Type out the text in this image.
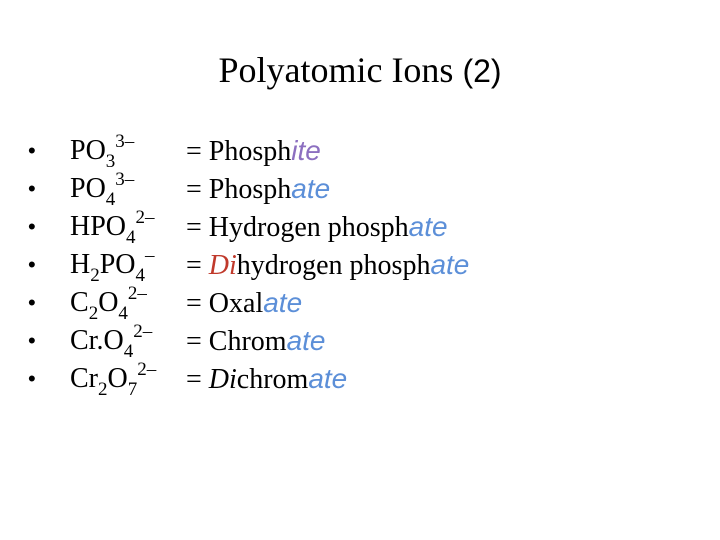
Polyatomic Ions (2)
• $PO_3^{3-}$ = Phosphite
• $PO_4^{3-}$ = Phosphate
• $HPO_4^{2-}$ = Hydrogen phosphate
• $H_2PO_4^-$ = Dihydrogen phosphate
• $C_2O_4^{2-}$ = Oxalate
• $Cr.O_4^{2-}$ = Chromate
• $Cr_2O_7^{2-}$ = Dichromate
